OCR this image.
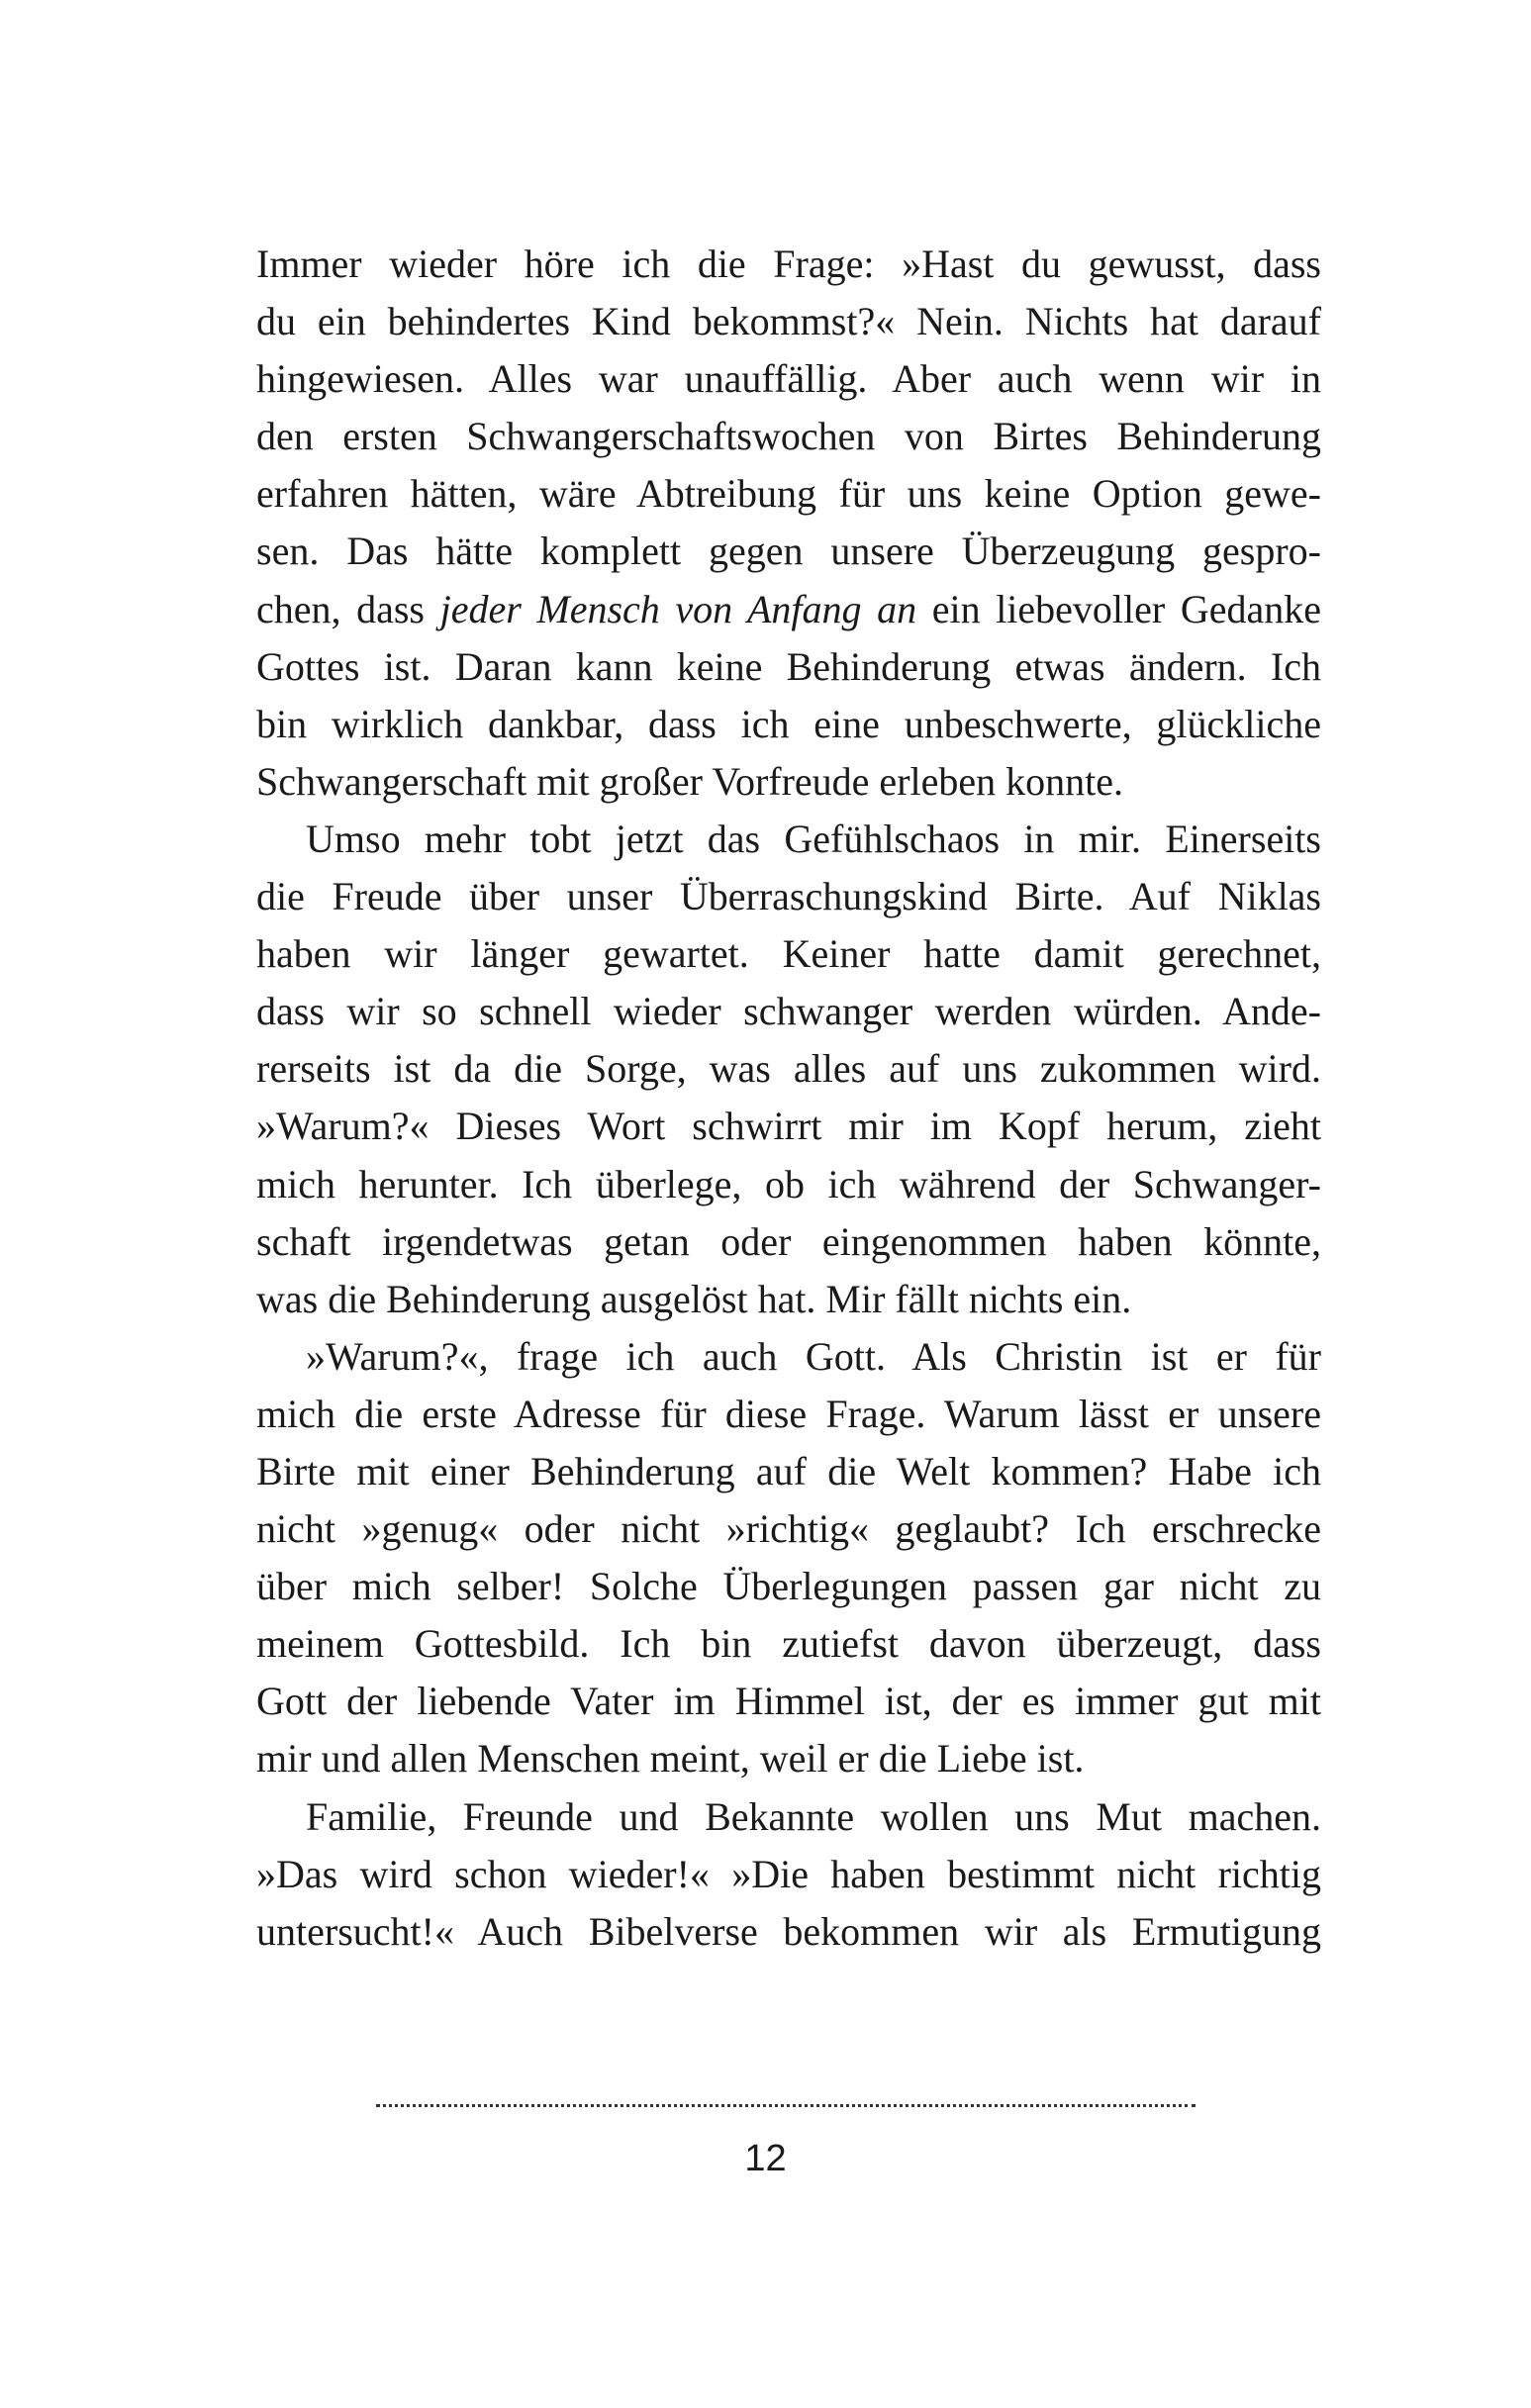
Immer wieder höre ich die Frage: »Hast du gewusst, dass
du ein behindertes Kind bekommst?« Nein. Nichts hat darauf
hingewiesen. Alles war unauffällig. Aber auch wenn wir in
den ersten Schwangerschaftswochen von Birtes Behinderung
erfahren hätten, wäre Abtreibung für uns keine Option gewe-
sen. Das hätte komplett gegen unsere Überzeugung gespro-
chen, dass jeder Mensch von Anfang an ein liebevoller Gedanke
Gottes ist. Daran kann keine Behinderung etwas ändern. Ich
bin wirklich dankbar, dass ich eine unbeschwerte, glückliche
Schwangerschaft mit großer Vorfreude erleben konnte.
Umso mehr tobt jetzt das Gefühlschaos in mir. Einerseits
die Freude über unser Überraschungskind Birte. Auf Niklas
haben wir länger gewartet. Keiner hatte damit gerechnet,
dass wir so schnell wieder schwanger werden würden. Ande-
rerseits ist da die Sorge, was alles auf uns zukommen wird.
»Warum?« Dieses Wort schwirrt mir im Kopf herum, zieht
mich herunter. Ich überlege, ob ich während der Schwanger-
schaft irgendetwas getan oder eingenommen haben könnte,
was die Behinderung ausgelöst hat. Mir fällt nichts ein.
»Warum?«, frage ich auch Gott. Als Christin ist er für
mich die erste Adresse für diese Frage. Warum lässt er unsere
Birte mit einer Behinderung auf die Welt kommen? Habe ich
nicht »genug« oder nicht »richtig« geglaubt? Ich erschrecke
über mich selber! Solche Überlegungen passen gar nicht zu
meinem Gottesbild. Ich bin zutiefst davon überzeugt, dass
Gott der liebende Vater im Himmel ist, der es immer gut mit
mir und allen Menschen meint, weil er die Liebe ist.
Familie, Freunde und Bekannte wollen uns Mut machen.
»Das wird schon wieder!« »Die haben bestimmt nicht richtig
untersucht!« Auch Bibelverse bekommen wir als Ermutigung
12
